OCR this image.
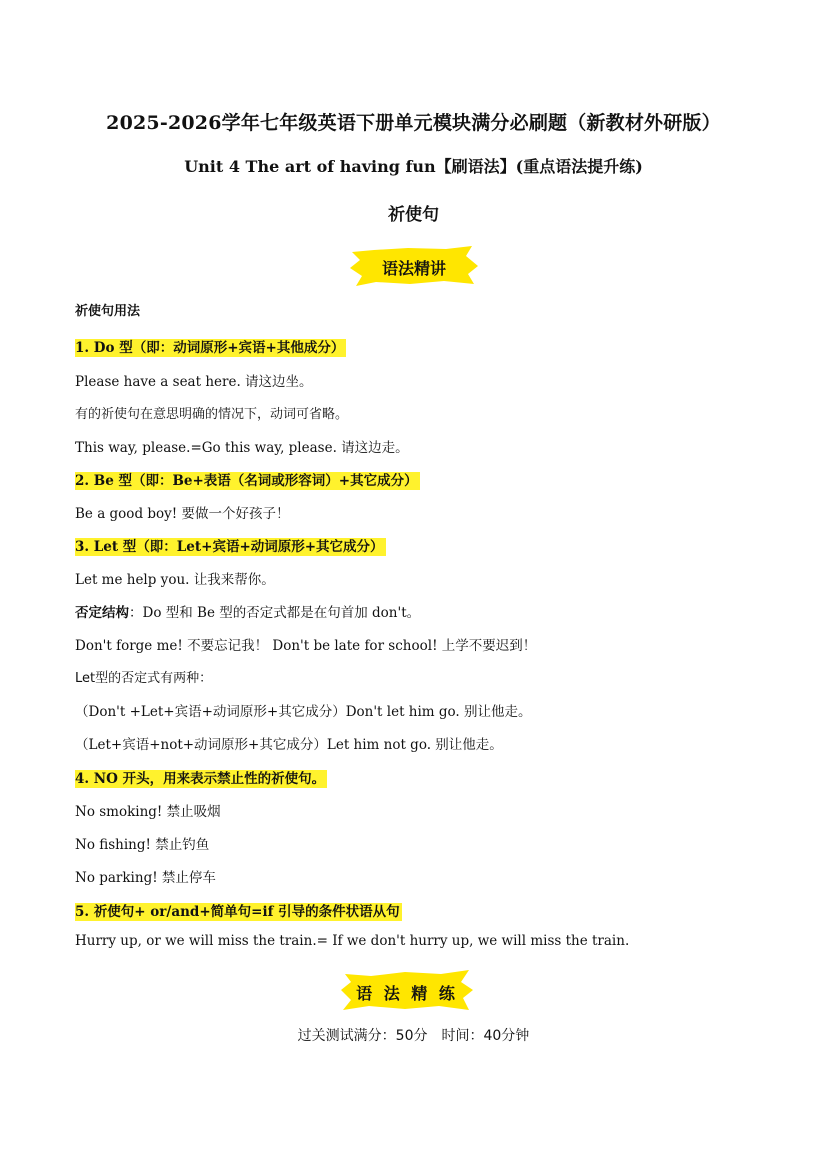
2025-2026学年七年级英语下册单元模块满分必刷题（新教材外研版）
Unit 4 The art of having fun【刷语法】(重点语法提升练)
祈使句
语法精讲
祈使句用法
1. Do 型（即：动词原形+宾语+其他成分）
Please have a seat here. 请这边坐。
有的祈使句在意思明确的情况下，动词可省略。
This way, please.=Go this way, please. 请这边走。
2. Be 型（即：Be+表语（名词或形容词）+其它成分）
Be a good boy! 要做一个好孩子！
3. Let 型（即：Let+宾语+动词原形+其它成分）
Let me help you. 让我来帮你。
否定结构：Do 型和 Be 型的否定式都是在句首加 don't。
Don't forge me! 不要忘记我！ Don't be late for school! 上学不要迟到！
Let型的否定式有两种：
（Don't +Let+宾语+动词原形+其它成分）Don't let him go. 别让他走。
（Let+宾语+not+动词原形+其它成分）Let him not go. 别让他走。
4. NO 开头，用来表示禁止性的祈使句。
No smoking! 禁止吸烟
No fishing! 禁止钓鱼
No parking! 禁止停车
5. 祈使句+ or/and+简单句=if 引导的条件状语从句
Hurry up, or we will miss the train.= If we don't hurry up, we will miss the train.
语 法 精 练
过关测试满分：50分　时间：40分钟
